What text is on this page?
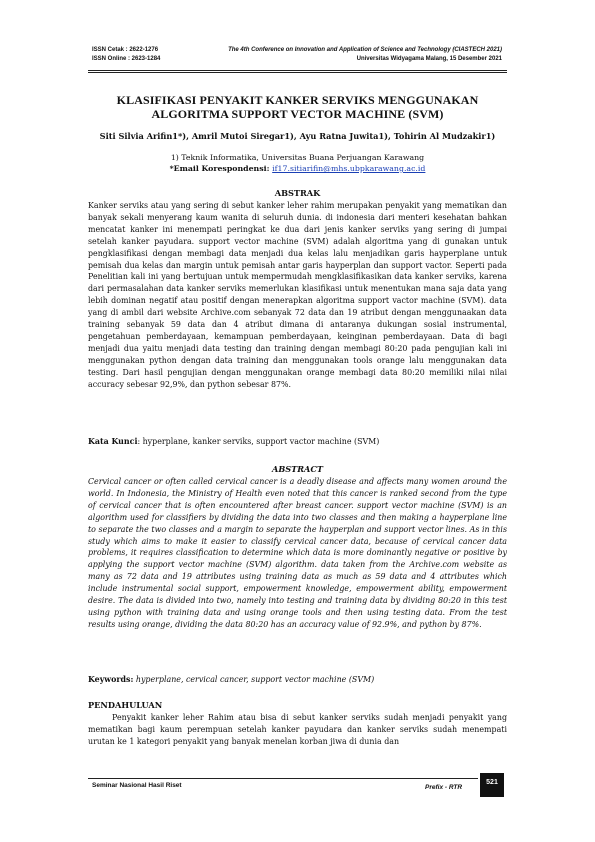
ISSN Cetak : 2622-1276
ISSN Online : 2623-1284
The 4th Conference on Innovation and Application of Science and Technology (CIASTECH 2021)
Universitas Widyagama Malang, 15 Desember 2021
KLASIFIKASI PENYAKIT KANKER SERVIKS MENGGUNAKAN
ALGORITMA SUPPORT VECTOR MACHINE (SVM)
Siti Silvia Arifin1*), Amril Mutoi Siregar1), Ayu Ratna Juwita1), Tohirin Al Mudzakir1)
1) Teknik Informatika, Universitas Buana Perjuangan Karawang
*Email Korespondensi: if17.sitiarifin@mhs.ubpkarawang.ac.id
ABSTRAK

Kanker serviks atau yang sering di sebut kanker leher rahim merupakan penyakit yang mematikan dan banyak sekali menyerang kaum wanita di seluruh dunia. di indonesia dari menteri kesehatan bahkan mencatat kanker ini menempati peringkat ke dua dari jenis kanker serviks yang sering di jumpai setelah kanker payudara. support vector machine (SVM) adalah algoritma yang di gunakan untuk pengklasifikasi dengan membagi data menjadi dua kelas lalu menjadikan garis hayperplane untuk pemisah dua kelas dan margin untuk pemisah antar garis hayperplan dan support vactor. Seperti pada Penelitian kali ini yang bertujuan untuk mempermudah mengklasifikasikan data kanker serviks, karena dari permasalahan data kanker serviks memerlukan klasifikasi untuk menentukan mana saja data yang lebih dominan negatif atau positif dengan menerapkan algoritma support vactor machine (SVM). data yang di ambil dari website Archive.com sebanyak 72 data dan 19 atribut dengan menggunaakan data training sebanyak 59 data dan 4 atribut dimana di antaranya dukungan sosial instrumental, pengetahuan pemberdayaan, kemampuan pemberdayaan, keinginan pemberdayaan. Data di bagi menjadi dua yaitu menjadi data testing dan training dengan membagi 80:20 pada pengujian kali ini menggunakan python dengan data training dan menggunakan tools orange lalu menggunakan data testing. Dari hasil pengujian dengan menggunakan orange membagi data 80:20 memiliki nilai nilai accuracy sebesar 92,9%, dan python sebesar 87%.

Kata Kunci: hyperplane, kanker serviks, support vactor machine (SVM)
ABSTRACT

Cervical cancer or often called cervical cancer is a deadly disease and affects many women around the world. In Indonesia, the Ministry of Health even noted that this cancer is ranked second from the type of cervical cancer that is often encountered after breast cancer. support vector machine (SVM) is an algorithm used for classifiers by dividing the data into two classes and then making a hayperplane line to separate the two classes and a margin to separate the hayperplan and support vector lines. As in this study which aims to make it easier to classify cervical cancer data, because of cervical cancer data problems, it requires classification to determine which data is more dominantly negative or positive by applying the support vector machine (SVM) algorithm. data taken from the Archive.com website as many as 72 data and 19 attributes using training data as much as 59 data and 4 attributes which include instrumental social support, empowerment knowledge, empowerment ability, empowerment desire. The data is divided into two, namely into testing and training data by dividing 80:20 in this test using python with training data and using orange tools and then using testing data. From the test results using orange, dividing the data 80:20 has an accuracy value of 92.9%, and python by 87%.

Keywords: hyperplane, cervical cancer, support vector machine (SVM)
PENDAHULUAN
Penyakit kanker leher Rahim atau bisa di sebut kanker serviks sudah menjadi penyakit yang mematikan bagi kaum perempuan setelah kanker payudara dan kanker serviks sudah menempati urutan ke 1 kategori penyakit yang banyak menelan korban jiwa di dunia dan
Seminar Nasional Hasil Riset	Prefix - RTR
521
